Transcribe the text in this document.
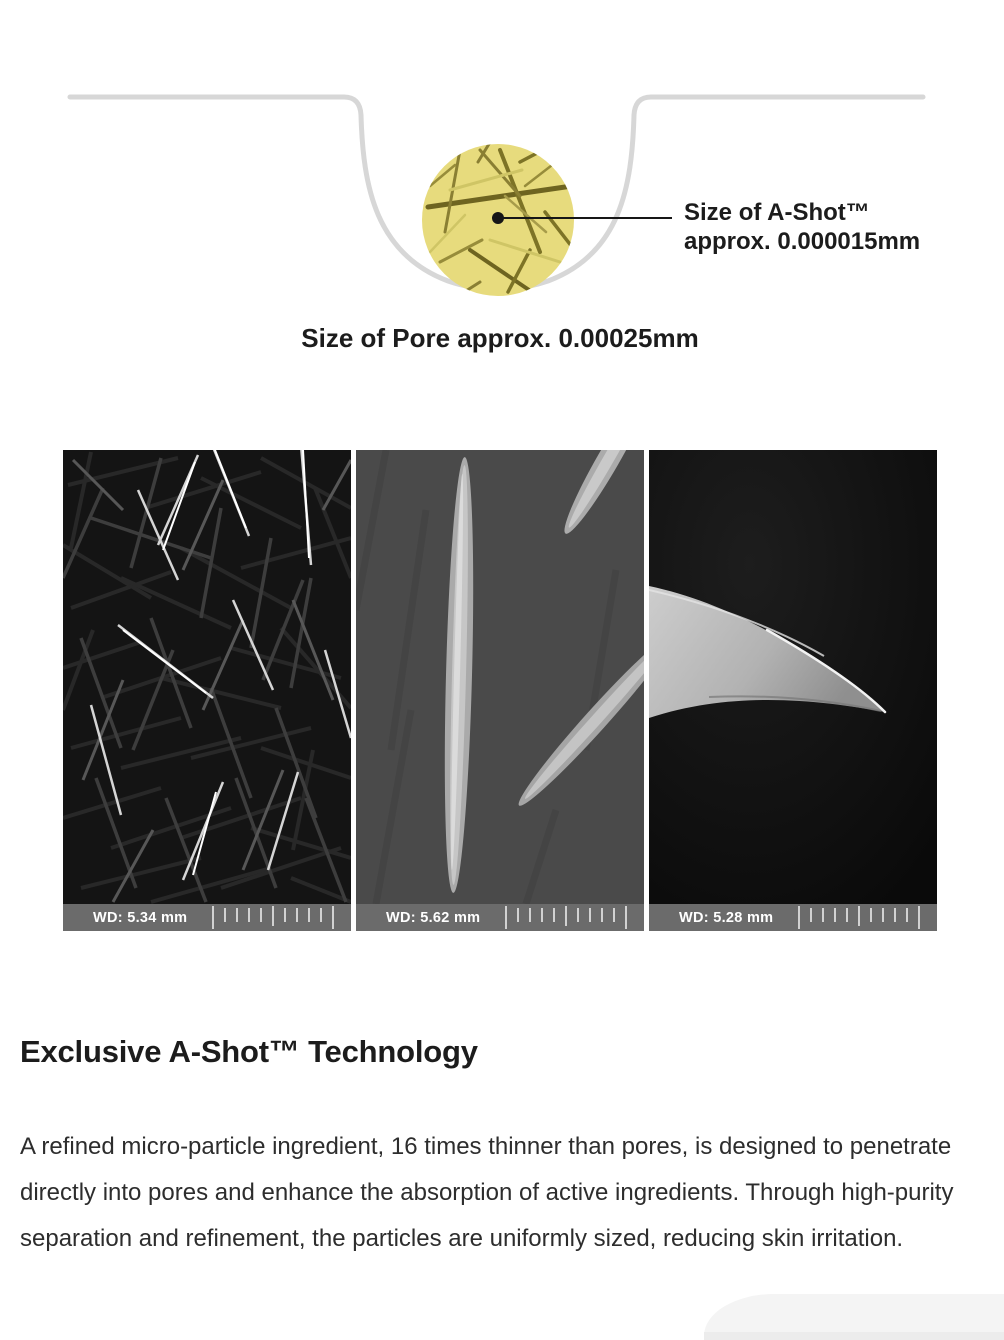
Size of A-Shot™
approx. 0.000015mm
Size of Pore approx. 0.00025mm
WD: 5.34 mm	WD: 5.62 mm	WD: 5.28 mm
Exclusive A-Shot™ Technology

A refined micro-particle ingredient, 16 times thinner than pores, is designed to penetrate directly into pores and enhance the absorption of active ingredients. Through high-purity separation and refinement, the particles are uniformly sized, reducing skin irritation.
